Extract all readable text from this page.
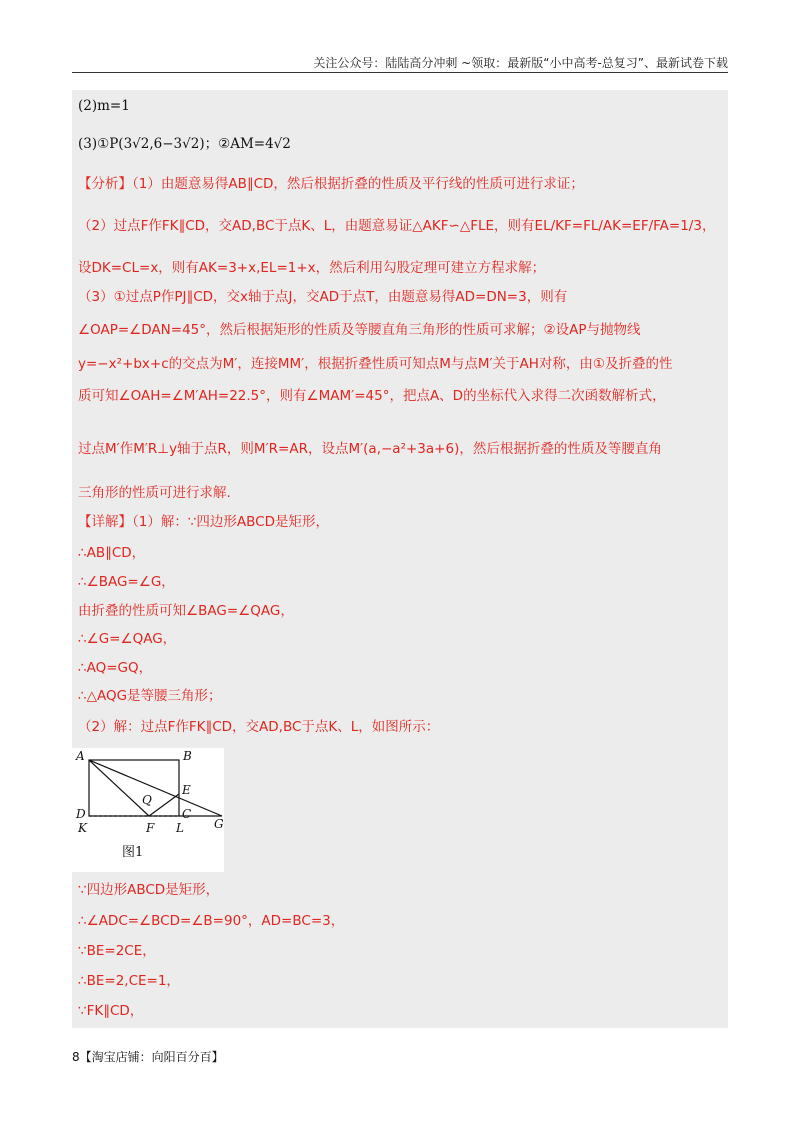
关注公众号：陆陆高分冲刺 ~领取：最新版“小中高考-总复习”、最新试卷下载
(2)m=1
(3)①P(3√2,6−3√2)；②AM=4√2
【分析】（1）由题意易得AB∥CD，然后根据折叠的性质及平行线的性质可进行求证；
（2）过点F作FK∥CD，交AD,BC于点K、L，由题意易证△AKF∽△FLE，则有EL/KF=FL/AK=EF/FA=1/3，
设DK=CL=x，则有AK=3+x,EL=1+x，然后利用勾股定理可建立方程求解；
（3）①过点P作PJ∥CD，交x轴于点J，交AD于点T，由题意易得AD=DN=3，则有
∠OAP=∠DAN=45°，然后根据矩形的性质及等腰直角三角形的性质可求解；②设AP与抛物线
y=−x²+bx+c的交点为M′，连接MM′，根据折叠性质可知点M与点M′关于AH对称，由①及折叠的性
质可知∠OAH=∠M′AH=22.5°，则有∠MAM′=45°，把点A、D的坐标代入求得二次函数解析式，
过点M′作M′R⊥y轴于点R，则M′R=AR，设点M′(a,−a²+3a+6)，然后根据折叠的性质及等腰直角
三角形的性质可进行求解.
【详解】（1）解：∵四边形ABCD是矩形，
∴AB∥CD，
∴∠BAG=∠G，
由折叠的性质可知∠BAG=∠QAG，
∴∠G=∠QAG，
∴AQ=GQ，
∴△AQG是等腰三角形；
（2）解：过点F作FK∥CD，交AD,BC于点K、L，如图所示：
A	B
D
Q
E
C
G
K	F L
图1
∵四边形ABCD是矩形，
∴∠ADC=∠BCD=∠B=90°，AD=BC=3，
∵BE=2CE，
∴BE=2,CE=1，
∵FK∥CD，
8【淘宝店铺：向阳百分百】
